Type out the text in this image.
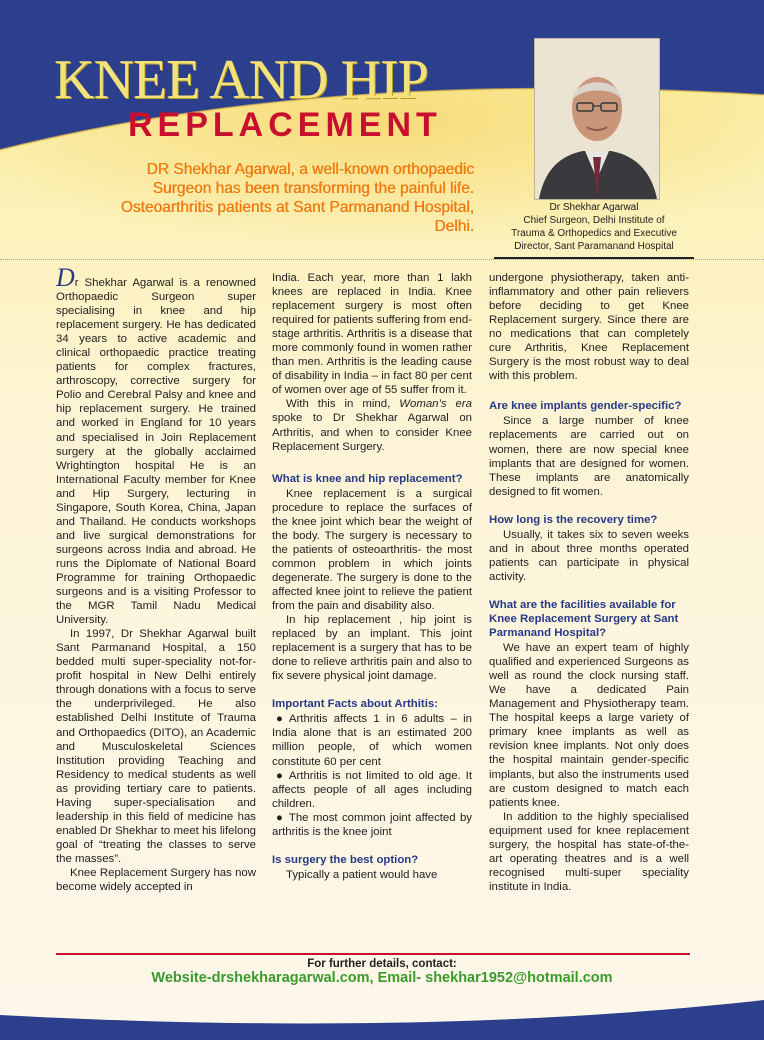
KNEE AND HIP
REPLACEMENT
DR Shekhar Agarwal, a well-known orthopaedic Surgeon has been transforming the painful life. Osteoarthritis patients at Sant Parmanand Hospital, Delhi.
Dr Shekhar Agarwal
Chief Surgeon, Delhi Institute of
Trauma & Orthopedics and Executive
Director, Sant Paramanand Hospital

Dr Shekhar Agarwal is a renowned Orthopaedic Surgeon super specialising in knee and hip replacement surgery. He has dedicated 34 years to active academic and clinical orthopaedic practice treating patients for complex fractures, arthroscopy, corrective surgery for Polio and Cerebral Palsy and knee and hip replacement surgery. He trained and worked in England for 10 years and specialised in Join Replacement surgery at the globally acclaimed Wrightington hospital He is an International Faculty member for Knee and Hip Surgery, lecturing in Singapore, South Korea, China, Japan and Thailand. He conducts workshops and live surgical demonstrations for surgeons across India and abroad. He runs the Diplomate of National Board Programme for training Orthopaedic surgeons and is a visiting Professor to the MGR Tamil Nadu Medical University.

In 1997, Dr Shekhar Agarwal built Sant Parmanand Hospital, a 150 bedded multi super-speciality not-for-profit hospital in New Delhi entirely through donations with a focus to serve the underprivileged. He also established Delhi Institute of Trauma and Orthopaedics (DITO), an Academic and Musculoskeletal Sciences Institution providing Teaching and Residency to medical students as well as providing tertiary care to patients. Having super-specialisation and leadership in this field of medicine has enabled Dr Shekhar to meet his lifelong goal of “treating the classes to serve the masses”.

Knee Replacement Surgery has now become widely accepted in

India. Each year, more than 1 lakh knees are replaced in India. Knee replacement surgery is most often required for patients suffering from end-stage arthritis. Arthritis is a disease that more commonly found in women rather than men. Arthritis is the leading cause of disability in India – in fact 80 per cent of women over age of 55 suffer from it.

With this in mind, Woman’s era spoke to Dr Shekhar Agarwal on Arthritis, and when to consider Knee Replacement Surgery.

What is knee and hip replacement?

Knee replacement is a surgical procedure to replace the surfaces of the knee joint which bear the weight of the body. The surgery is necessary to the patients of osteoarthritis- the most common problem in which joints degenerate. The surgery is done to the affected knee joint to relieve the patient from the pain and disability also.

In hip replacement , hip joint is replaced by an implant. This joint replacement is a surgery that has to be done to relieve arthritis pain and also to fix severe physical joint damage.

Important Facts about Arthitis:

● Arthritis affects 1 in 6 adults – in India alone that is an estimated 200 million people, of which women constitute 60 per cent

● Arthritis is not limited to old age. It affects people of all ages including children.

● The most common joint affected by arthritis is the knee joint

Is surgery the best option?

Typically a patient would have

undergone physiotherapy, taken anti-inflammatory and other pain relievers before deciding to get Knee Replacement surgery. Since there are no medications that can completely cure Arthritis, Knee Replacement Surgery is the most robust way to deal with this problem.

Are knee implants gender-specific?

Since a large number of knee replacements are carried out on women, there are now special knee implants that are designed for women. These implants are anatomically designed to fit women.

How long is the recovery time?

Usually, it takes six to seven weeks and in about three months operated patients can participate in physical activity.

What are the facilities available for Knee Replacement Surgery at Sant Parmanand Hospital?

We have an expert team of highly qualified and experienced Surgeons as well as round the clock nursing staff. We have a dedicated Pain Management and Physiotherapy team. The hospital keeps a large variety of primary knee implants as well as revision knee implants. Not only does the hospital maintain gender-specific implants, but also the instruments used are custom designed to match each patients knee.

In addition to the highly specialised equipment used for knee replacement surgery, the hospital has state-of-the-art operating theatres and is a well recognised multi-super speciality institute in India.

For further details, contact:
Website-drshekharagarwal.com, Email- shekhar1952@hotmail.com
